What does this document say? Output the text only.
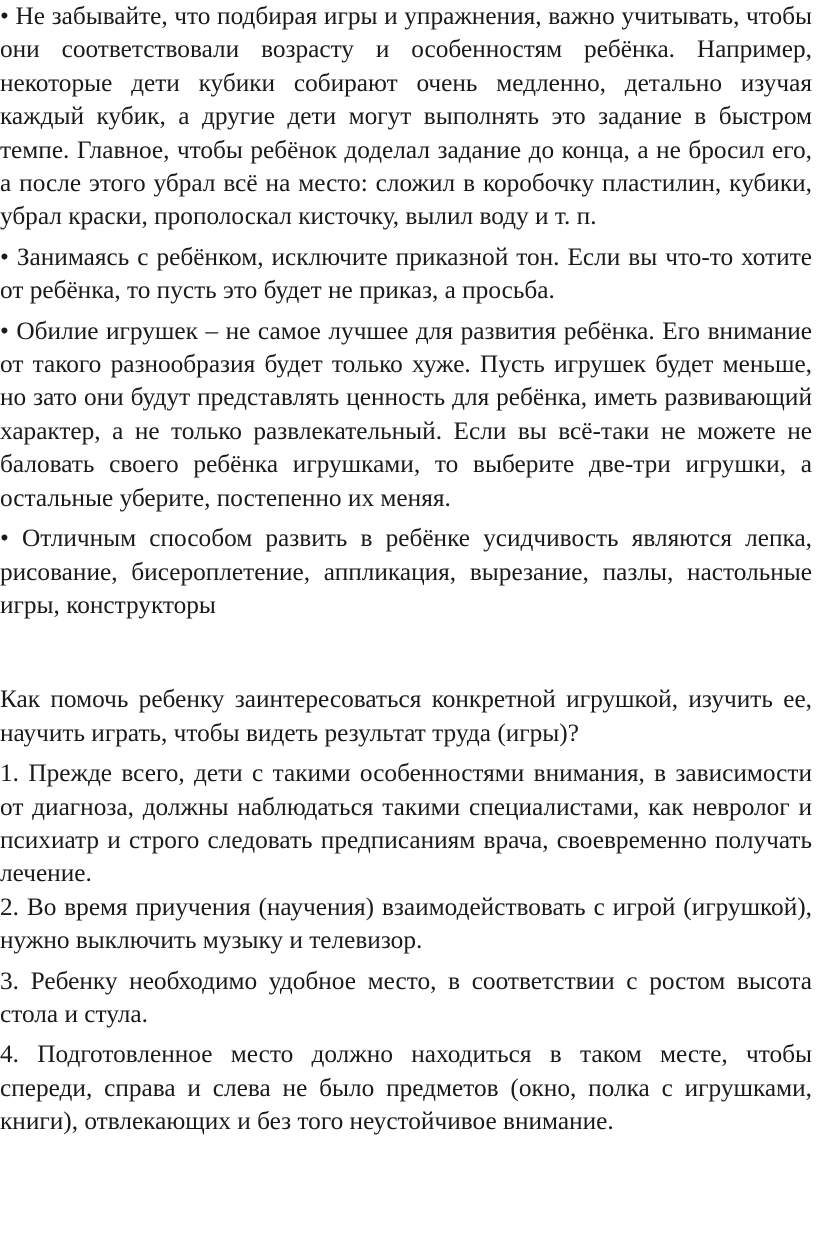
• Не забывайте, что подбирая игры и упражнения, важно учитывать, чтобы они соответствовали возрасту и особенностям ребёнка. Например, некоторые дети кубики собирают очень медленно, детально изучая каждый кубик, а другие дети могут выполнять это задание в быстром темпе. Главное, чтобы ребёнок доделал задание до конца, а не бросил его, а после этого убрал всё на место: сложил в коробочку пластилин, кубики, убрал краски, прополоскал кисточку, вылил воду и т. п.

• Занимаясь с ребёнком, исключите приказной тон. Если вы что-то хотите от ребёнка, то пусть это будет не приказ, а просьба.

• Обилие игрушек – не самое лучшее для развития ребёнка. Его внимание от такого разнообразия будет только хуже. Пусть игрушек будет меньше, но зато они будут представлять ценность для ребёнка, иметь развивающий характер, а не только развлекательный. Если вы всё-таки не можете не баловать своего ребёнка игрушками, то выберите две-три игрушки, а остальные уберите, постепенно их меняя.

• Отличным способом развить в ребёнке усидчивость являются лепка, рисование, бисероплетение, аппликация, вырезание, пазлы, настольные игры, конструкторы

Как помочь ребенку заинтересоваться конкретной игрушкой, изучить ее, научить играть, чтобы видеть результат труда (игры)?

1. Прежде всего, дети с такими особенностями внимания, в зависимости от диагноза, должны наблюдаться такими специалистами, как невролог и психиатр и строго следовать предписаниям врача, своевременно получать лечение.

2. Во время приучения (научения) взаимодействовать с игрой (игрушкой), нужно выключить музыку и телевизор.

3. Ребенку необходимо удобное место, в соответствии с ростом высота стола и стула.

4. Подготовленное место должно находиться в таком месте, чтобы спереди, справа и слева не было предметов (окно, полка с игрушками, книги), отвлекающих и без того неустойчивое внимание.
